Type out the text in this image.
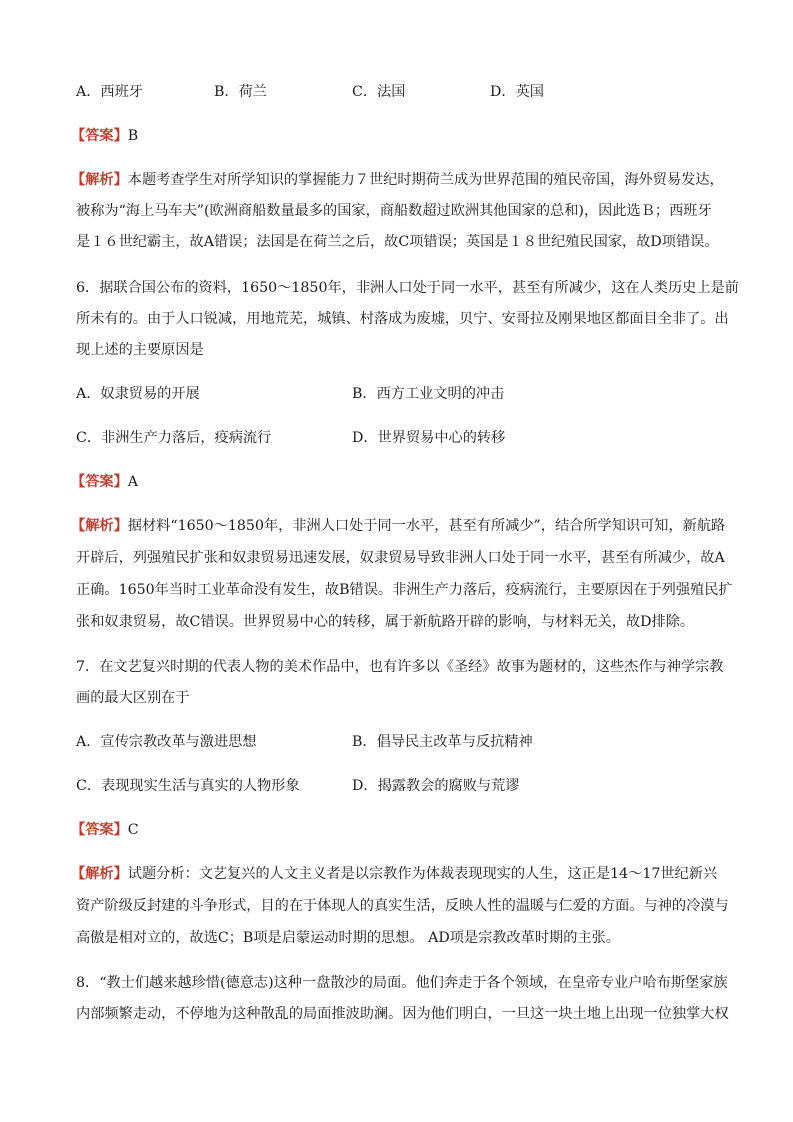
A．西班牙	B．荷兰	C．法国	D．英国
【答案】B
【解析】本题考查学生对所学知识的掌握能力７世纪时期荷兰成为世界范围的殖民帝国，海外贸易发达，
被称为“海上马车夫”(欧洲商船数量最多的国家，商船数超过欧洲其他国家的总和)，因此选Ｂ；西班牙
是１６世纪霸主，故A错误；法国是在荷兰之后，故C项错误；英国是１８世纪殖民国家，故D项错误。
6．据联合国公布的资料，1650～1850年，非洲人口处于同一水平，甚至有所减少，这在人类历史上是前
所未有的。由于人口锐减，用地荒芜，城镇、村落成为废墟，贝宁、安哥拉及刚果地区都面目全非了。出
现上述的主要原因是
A．奴隶贸易的开展	B．西方工业文明的冲击
C．非洲生产力落后，疫病流行	D．世界贸易中心的转移
【答案】A
【解析】据材料“1650～1850年，非洲人口处于同一水平，甚至有所减少”，结合所学知识可知，新航路
开辟后，列强殖民扩张和奴隶贸易迅速发展，奴隶贸易导致非洲人口处于同一水平，甚至有所减少，故A
正确。1650年当时工业革命没有发生，故B错误。非洲生产力落后，疫病流行，主要原因在于列强殖民扩
张和奴隶贸易，故C错误。世界贸易中心的转移，属于新航路开辟的影响，与材料无关，故D排除。
7．在文艺复兴时期的代表人物的美术作品中，也有许多以《圣经》故事为题材的，这些杰作与神学宗教
画的最大区别在于
A．宣传宗教改革与激进思想	B．倡导民主改革与反抗精神
C．表现现实生活与真实的人物形象	D．揭露教会的腐败与荒谬
【答案】C
【解析】试题分析：文艺复兴的人文主义者是以宗教作为体裁表现现实的人生，这正是14～17世纪新兴
资产阶级反封建的斗争形式，目的在于体现人的真实生活，反映人性的温暖与仁爱的方面。与神的冷漠与
高傲是相对立的，故选C；B项是启蒙运动时期的思想。 AD项是宗教改革时期的主张。
8．“教士们越来越珍惜(德意志)这种一盘散沙的局面。他们奔走于各个领域，在皇帝专业户哈布斯堡家族
内部频繁走动，不停地为这种散乱的局面推波助澜。因为他们明白，一旦这一块土地上出现一位独掌大权
